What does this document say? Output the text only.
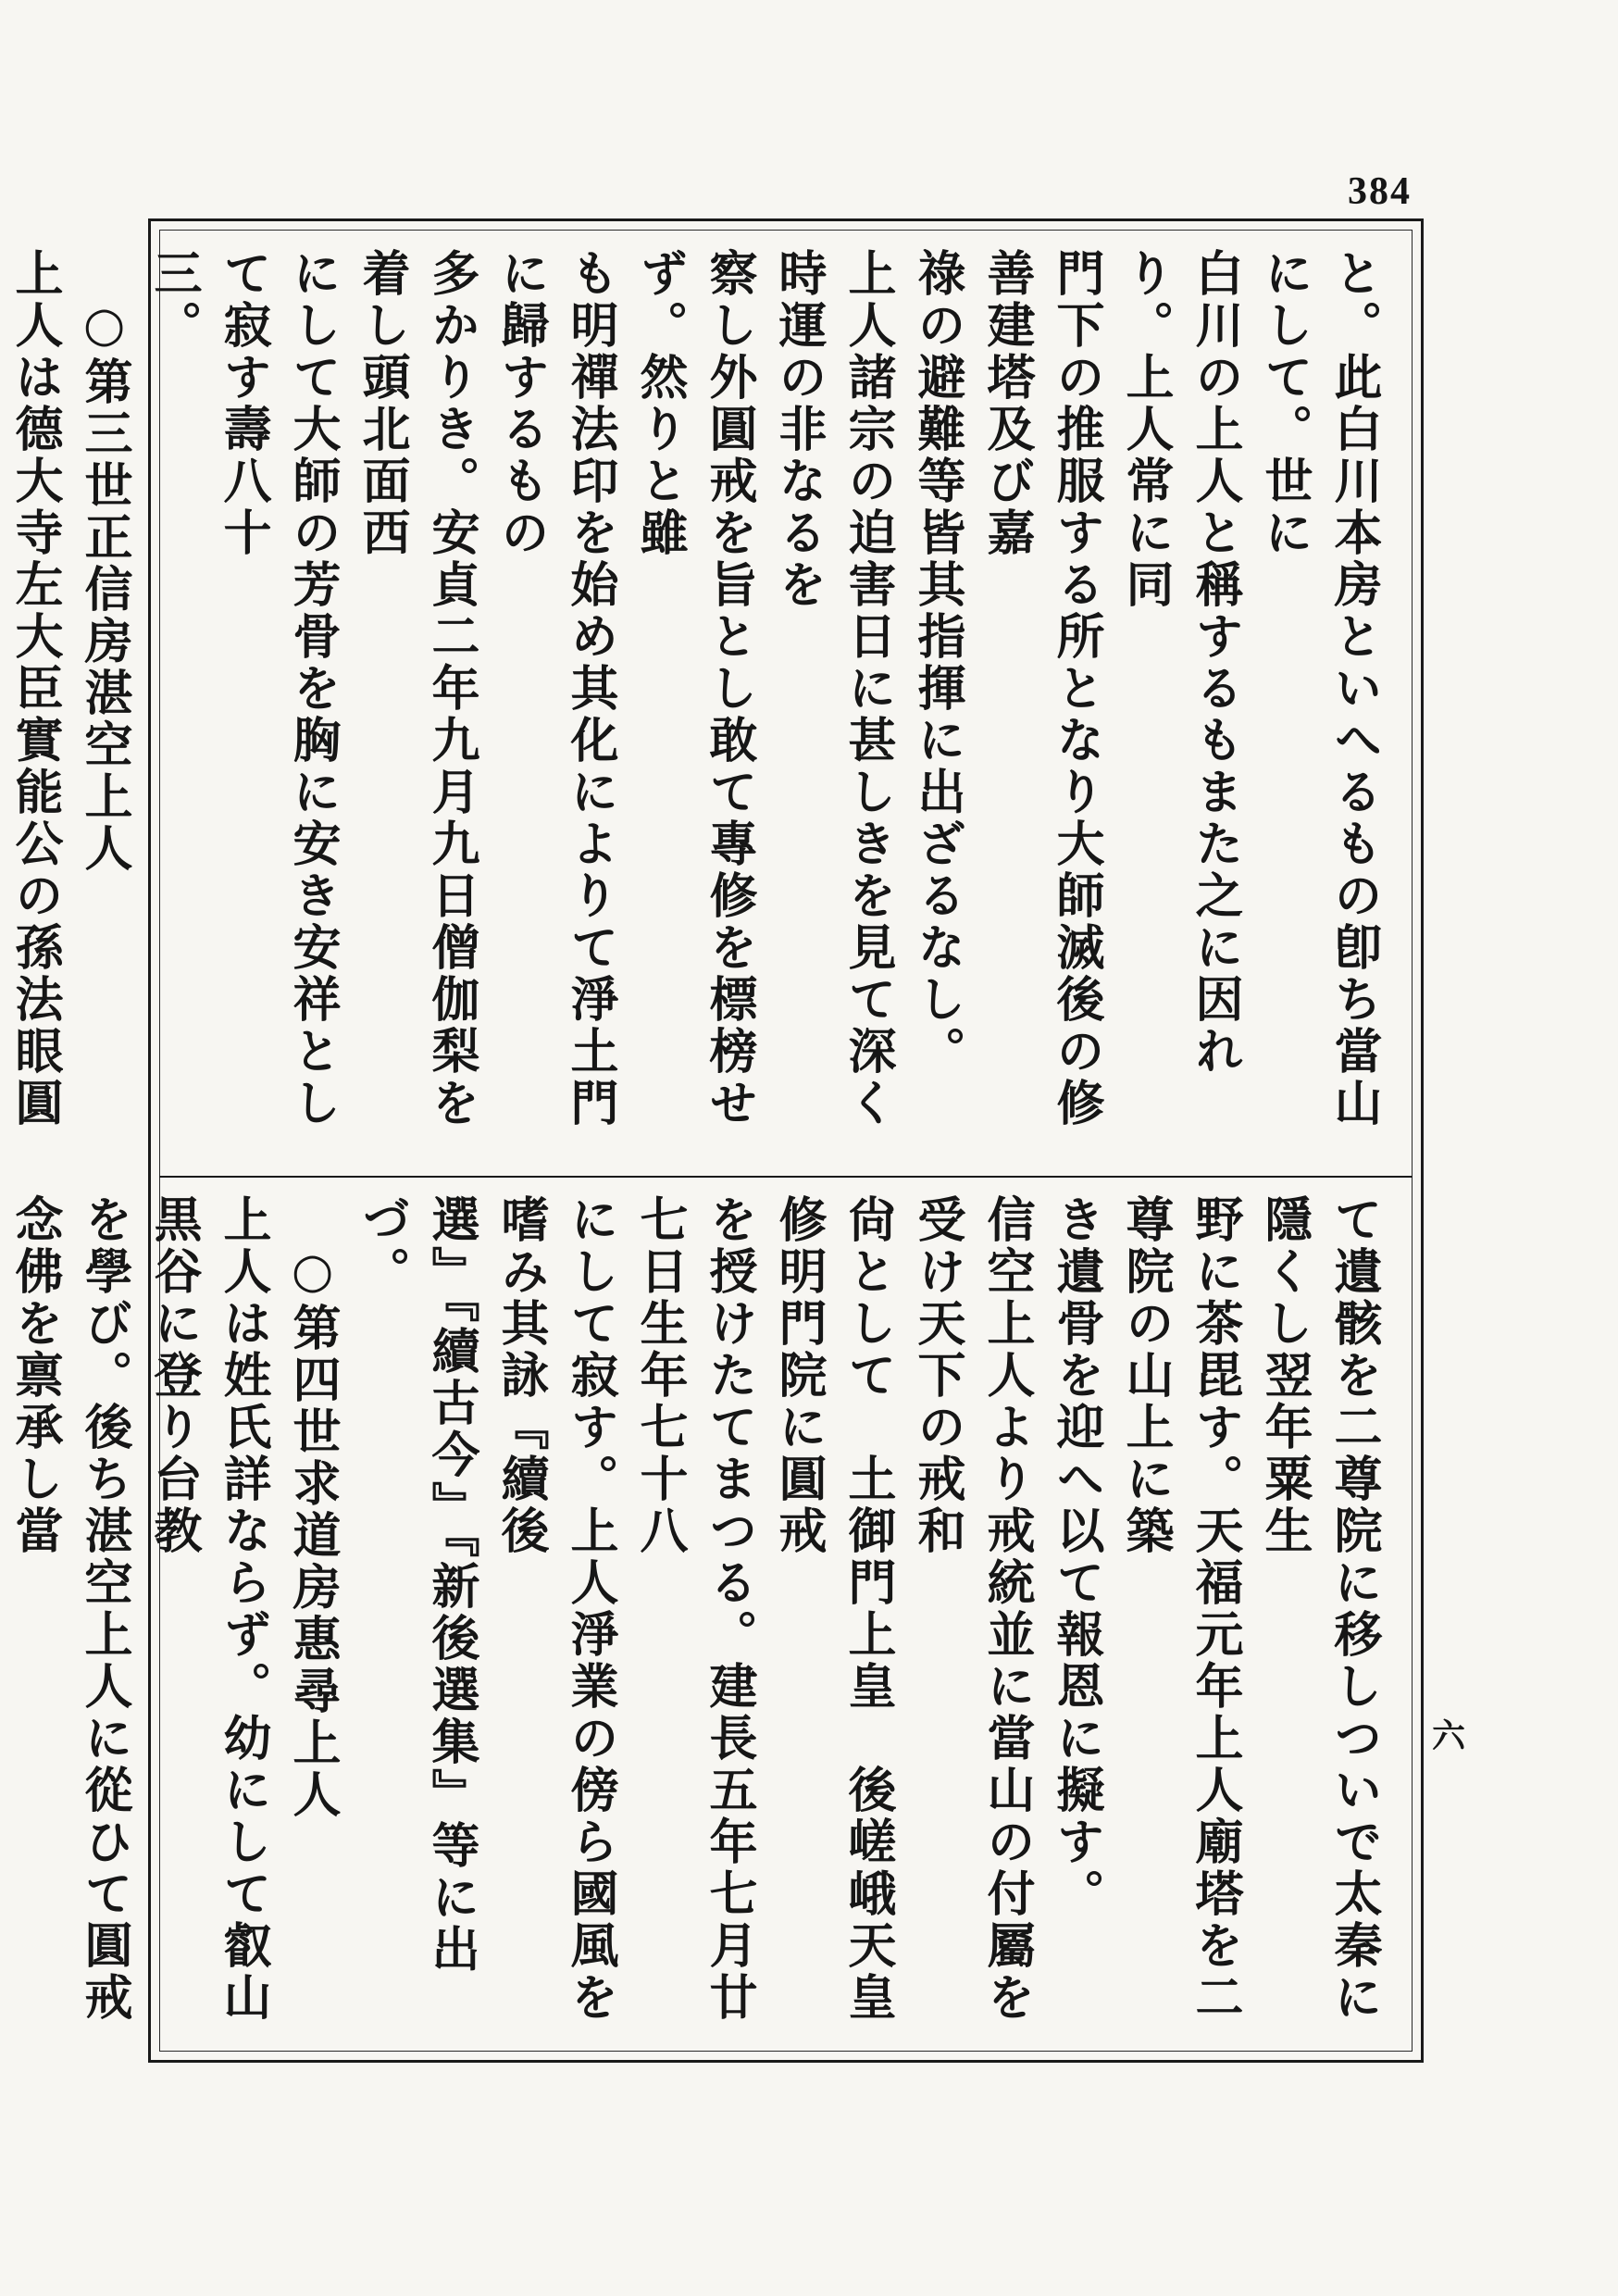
384
と。此白川本房といへるもの卽ち當山にして。世に
白川の上人と稱するもまた之に因れり。上人常に同
門下の推服する所となり大師滅後の修善建塔及び嘉
祿の避難等皆其指揮に出ざるなし。
上人諸宗の迫害日に甚しきを見て深く時運の非なるを
察し外圓戒を旨とし敢て專修を標榜せず。然りと雖
も明禪法印を始め其化によりて淨土門に歸するもの
多かりき。安貞二年九月九日僧伽梨を着し頭北面西
にして大師の芳骨を胸に安き安祥として寂す壽八十
三。
○第三世正信房湛空上人
上人は德大寺左大臣實能公の孫法眼圓
て遺骸を二尊院に移しついで太秦に隱くし翌年粟生
野に茶毘す。天福元年上人廟塔を二尊院の山上に築
き遺骨を迎へ以て報恩に擬す。
信空上人より戒統並に當山の付屬を受け天下の戒和
尙として　土御門上皇　後嵯峨天皇修明門院に圓戒
を授けたてまつる。建長五年七月廿七日生年七十八
にして寂す。上人淨業の傍ら國風を嗜み其詠『續後
選』『續古今』『新後選集』等に出づ。
○第四世求道房惠尋上人
上人は姓氏詳ならず。幼にして叡山黒谷に登り台教
を學び。後ち湛空上人に從ひて圓戒念佛を禀承し當
六
